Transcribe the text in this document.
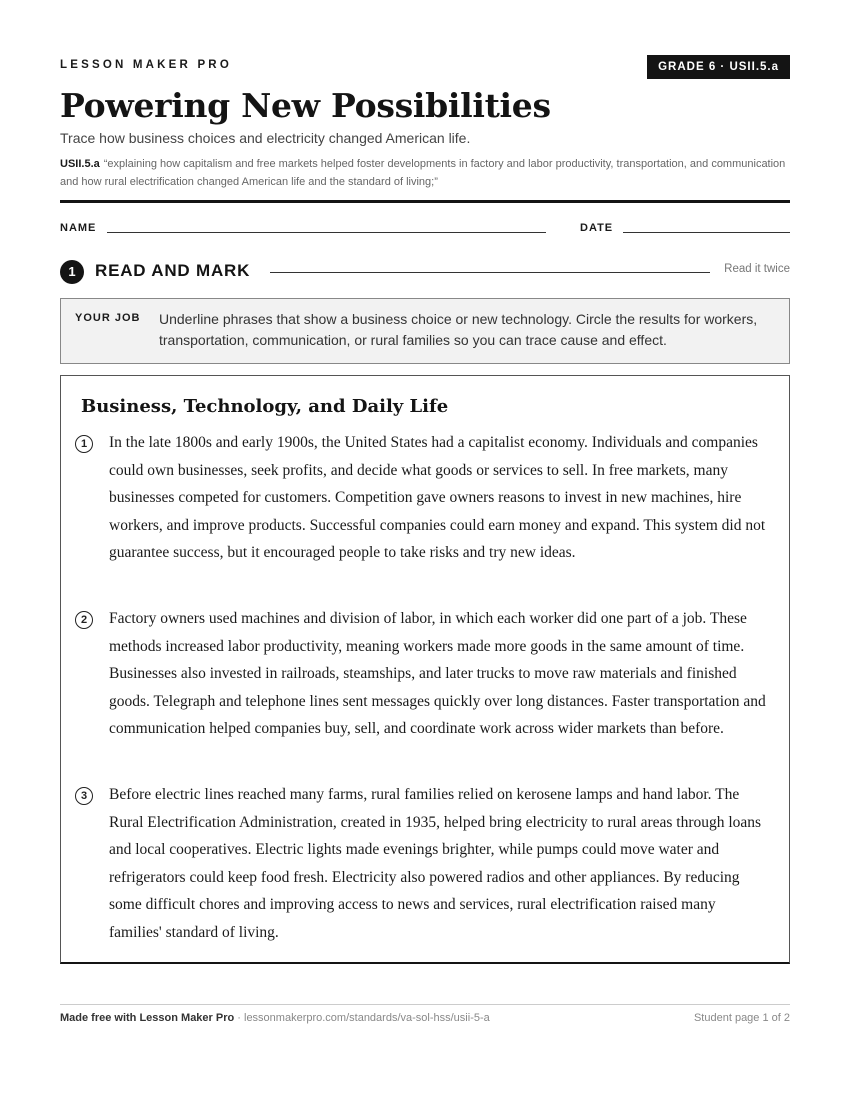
LESSON MAKER PRO	GRADE 6 · USII.5.a
Powering New Possibilities
Trace how business choices and electricity changed American life.
USII.5.a “explaining how capitalism and free markets helped foster developments in factory and labor productivity, transportation, and communication and how rural electrification changed American life and the standard of living;”
NAME	DATE
1	READ AND MARK	Read it twice
YOUR JOB Underline phrases that show a business choice or new technology. Circle the results for workers, transportation, communication, or rural families so you can trace cause and effect.
Business, Technology, and Daily Life
1	In the late 1800s and early 1900s, the United States had a capitalist economy. Individuals and companies could own businesses, seek profits, and decide what goods or services to sell. In free markets, many businesses competed for customers. Competition gave owners reasons to invest in new machines, hire workers, and improve products. Successful companies could earn money and expand. This system did not guarantee success, but it encouraged people to take risks and try new ideas.

2	Factory owners used machines and division of labor, in which each worker did one part of a job. These methods increased labor productivity, meaning workers made more goods in the same amount of time. Businesses also invested in railroads, steamships, and later trucks to move raw materials and finished goods. Telegraph and telephone lines sent messages quickly over long distances. Faster transportation and communication helped companies buy, sell, and coordinate work across wider markets than before.

3	Before electric lines reached many farms, rural families relied on kerosene lamps and hand labor. The Rural Electrification Administration, created in 1935, helped bring electricity to rural areas through loans and local cooperatives. Electric lights made evenings brighter, while pumps could move water and refrigerators could keep food fresh. Electricity also powered radios and other appliances. By reducing some difficult chores and improving access to news and services, rural electrification raised many families' standard of living.

Made free with Lesson Maker Pro · lessonmakerpro.com/standards/va-sol-hss/usii-5-a	Student page 1 of 2
